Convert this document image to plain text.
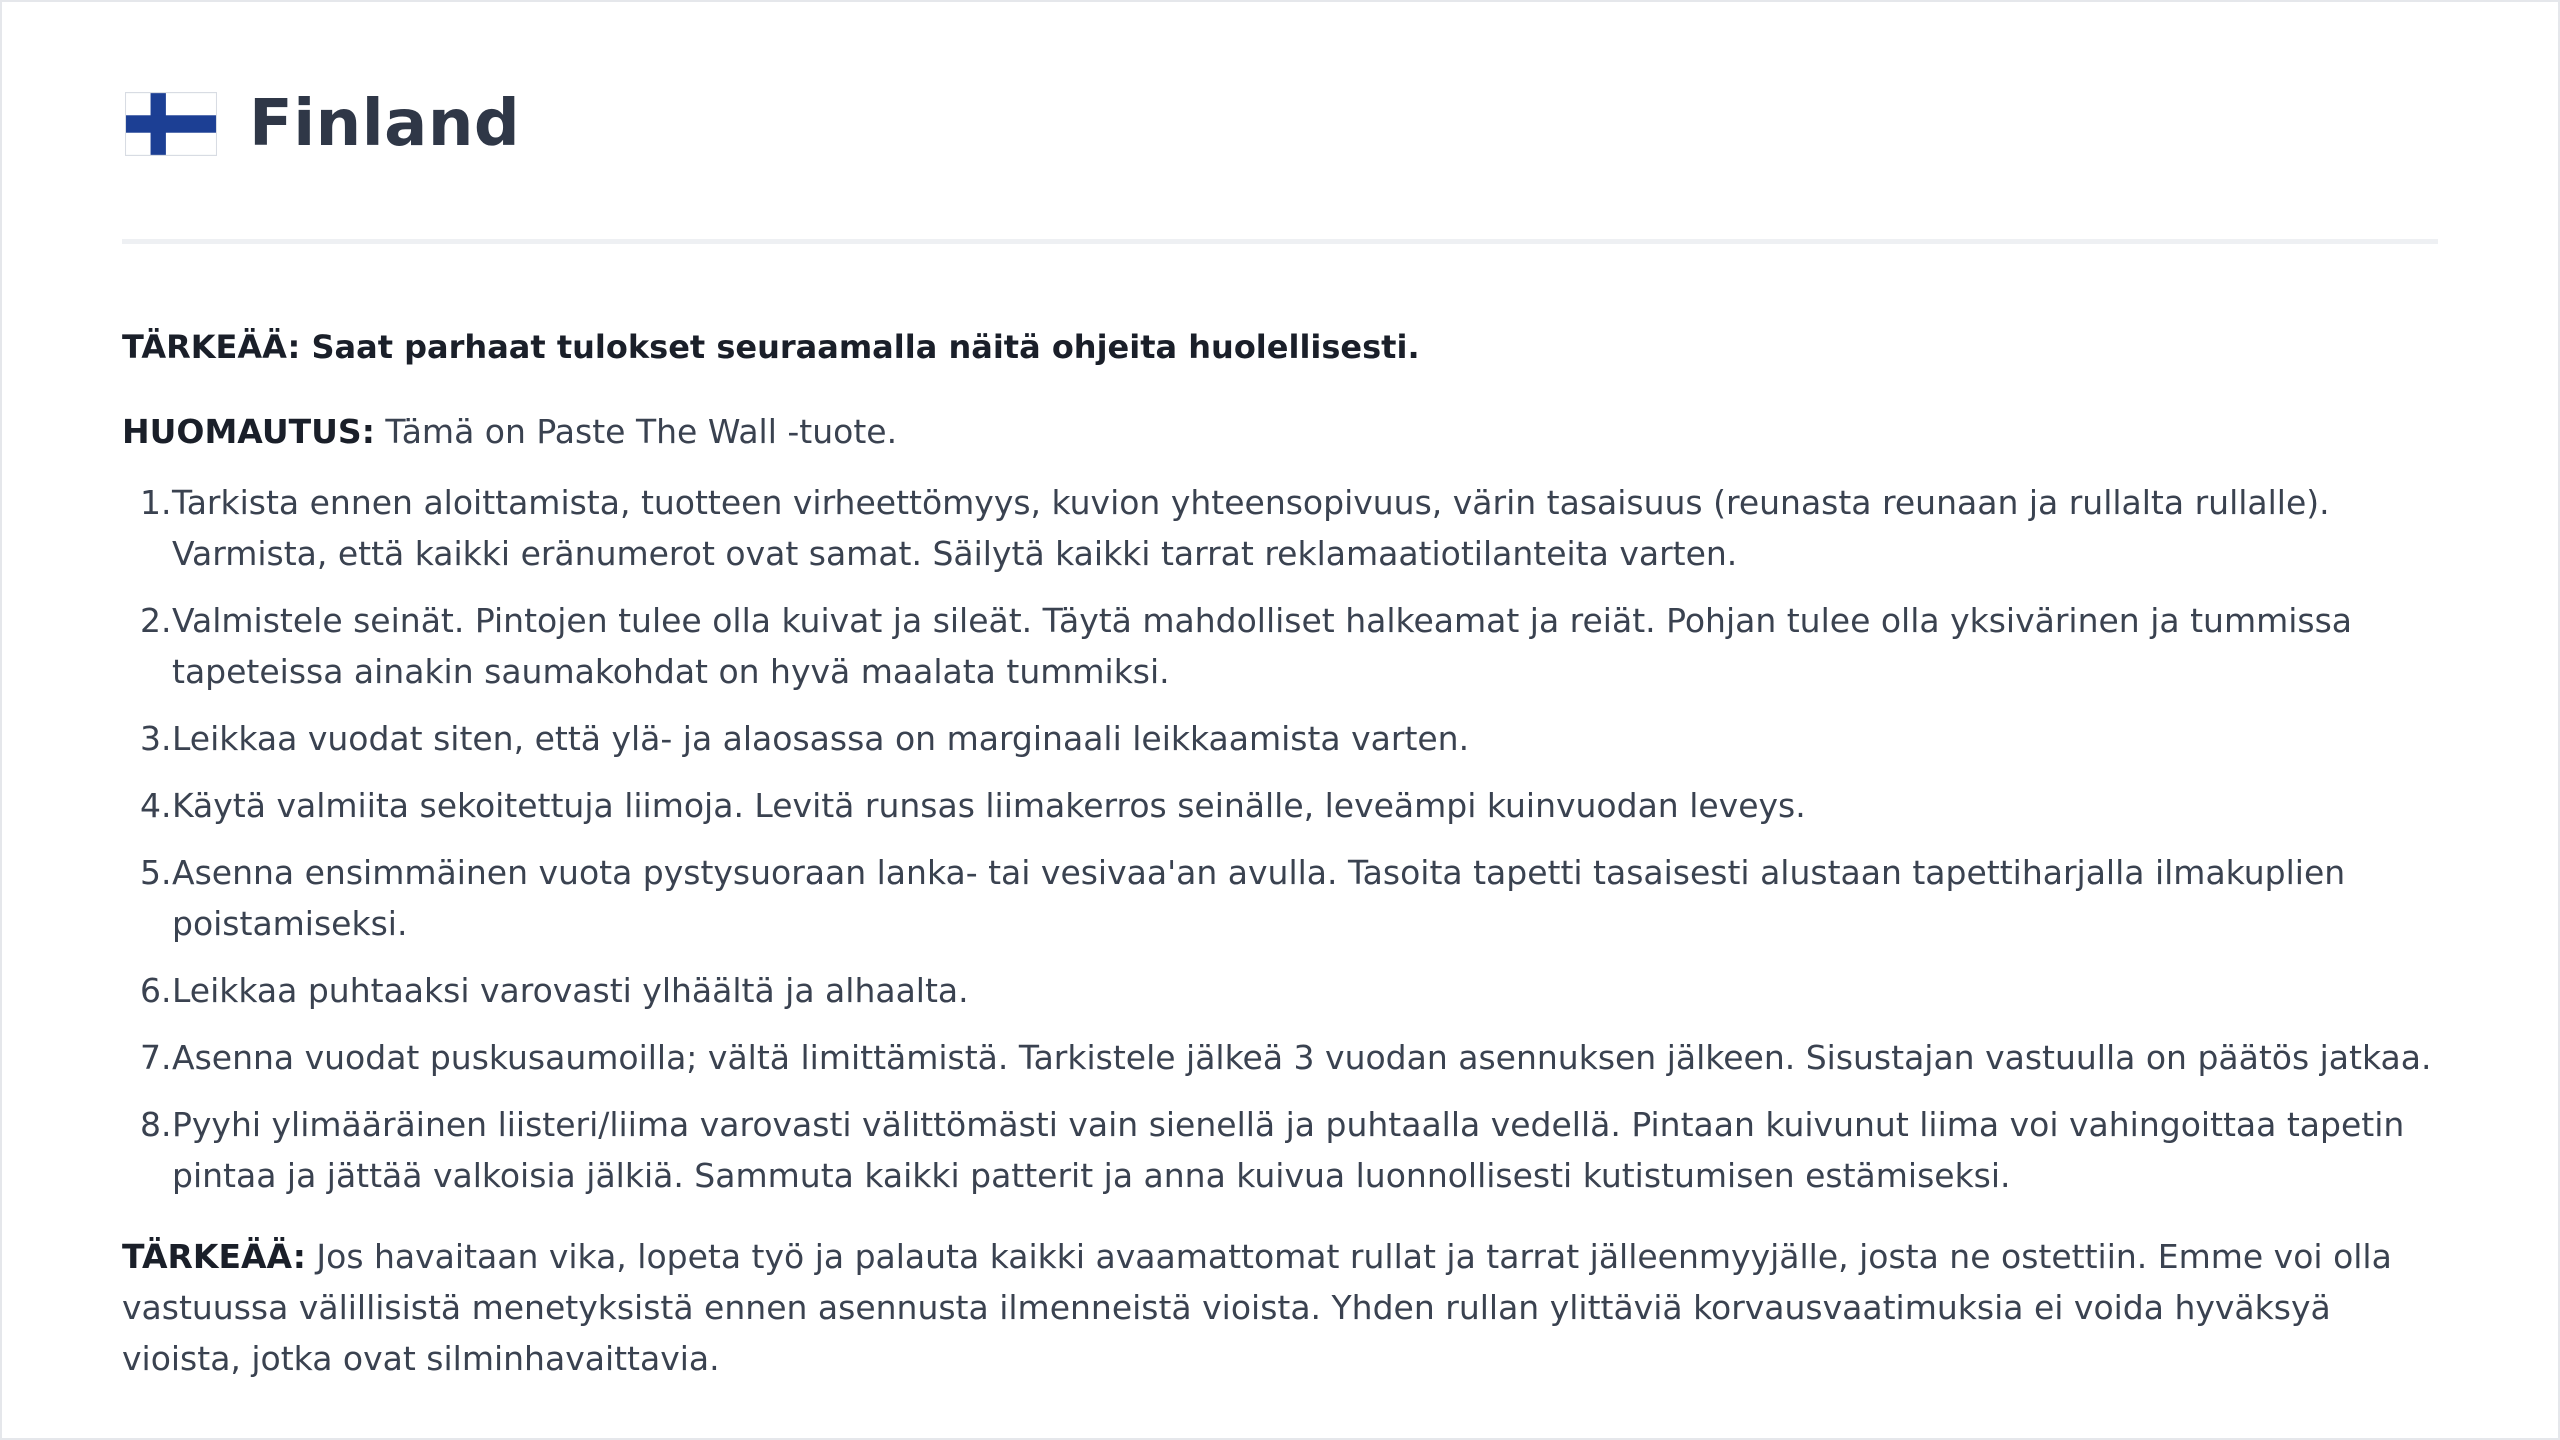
Finland

TÄRKEÄÄ: Saat parhaat tulokset seuraamalla näitä ohjeita huolellisesti.

HUOMAUTUS: Tämä on Paste The Wall -tuote.

Tarkista ennen aloittamista, tuotteen virheettömyys, kuvion yhteensopivuus, värin tasaisuus (reunasta reunaan ja rullalta rullalle). Varmista, että kaikki eränumerot ovat samat. Säilytä kaikki tarrat reklamaatiotilanteita varten.
Valmistele seinät. Pintojen tulee olla kuivat ja sileät. Täytä mahdolliset halkeamat ja reiät. Pohjan tulee olla yksivärinen ja tummissa tapeteissa ainakin saumakohdat on hyvä maalata tummiksi.
Leikkaa vuodat siten, että ylä- ja alaosassa on marginaali leikkaamista varten.
Käytä valmiita sekoitettuja liimoja. Levitä runsas liimakerros seinälle, leveämpi kuinvuodan leveys.
Asenna ensimmäinen vuota pystysuoraan lanka- tai vesivaa'an avulla. Tasoita tapetti tasaisesti alustaan tapettiharjalla ilmakuplien poistamiseksi.
Leikkaa puhtaaksi varovasti ylhäältä ja alhaalta.
Asenna vuodat puskusaumoilla; vältä limittämistä. Tarkistele jälkeä 3 vuodan asennuksen jälkeen. Sisustajan vastuulla on päätös jatkaa.
Pyyhi ylimääräinen liisteri/liima varovasti välittömästi vain sienellä ja puhtaalla vedellä. Pintaan kuivunut liima voi vahingoittaa tapetin pintaa ja jättää valkoisia jälkiä. Sammuta kaikki patterit ja anna kuivua luonnollisesti kutistumisen estämiseksi.

TÄRKEÄÄ: Jos havaitaan vika, lopeta työ ja palauta kaikki avaamattomat rullat ja tarrat jälleenmyyjälle, josta ne ostettiin. Emme voi olla vastuussa välillisistä menetyksistä ennen asennusta ilmenneistä vioista. Yhden rullan ylittäviä korvausvaatimuksia ei voida hyväksyä vioista, jotka ovat silminhavaittavia.
